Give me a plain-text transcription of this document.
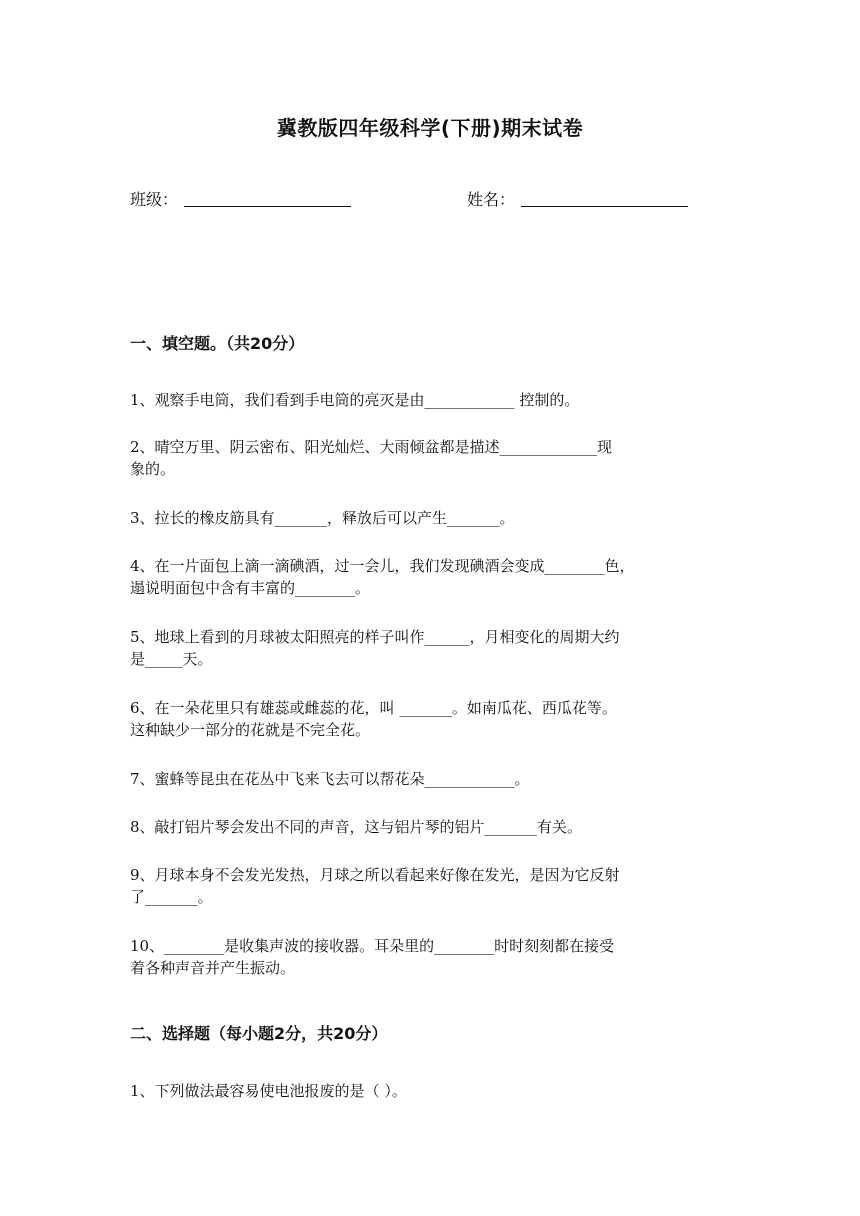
冀教版四年级科学(下册)期末试卷
班级：	姓名：
一、填空题。（共20分）
1、观察手电筒，我们看到手电筒的亮灭是由____________ 控制的。
2、晴空万里、阴云密布、阳光灿烂、大雨倾盆都是描述_____________现
象的。
3、拉长的橡皮筋具有_______，释放后可以产生_______。
4、在一片面包上滴一滴碘酒，过一会儿，我们发现碘酒会变成________色，
遢说明面包中含有丰富的________。
5、地球上看到的月球被太阳照亮的样子叫作______，月相变化的周期大约
是_____天。
6、在一朵花里只有雄蕊或雌蕊的花，叫 _______。如南瓜花、西瓜花等。
这种缺少一部分的花就是不完全花。
7、蜜蜂等昆虫在花丛中飞来飞去可以帮花朵____________。
8、敲打铝片琴会发出不同的声音，这与铝片琴的铝片_______有关。
9、月球本身不会发光发热，月球之所以看起来好像在发光，是因为它反射
了_______。
10、________是收集声波的接收器。耳朵里的________时时刻刻都在接受
着各种声音并产生振动。
二、选择题（每小题2分，共20分）
1、下列做法最容易使电池报废的是（ ）。
